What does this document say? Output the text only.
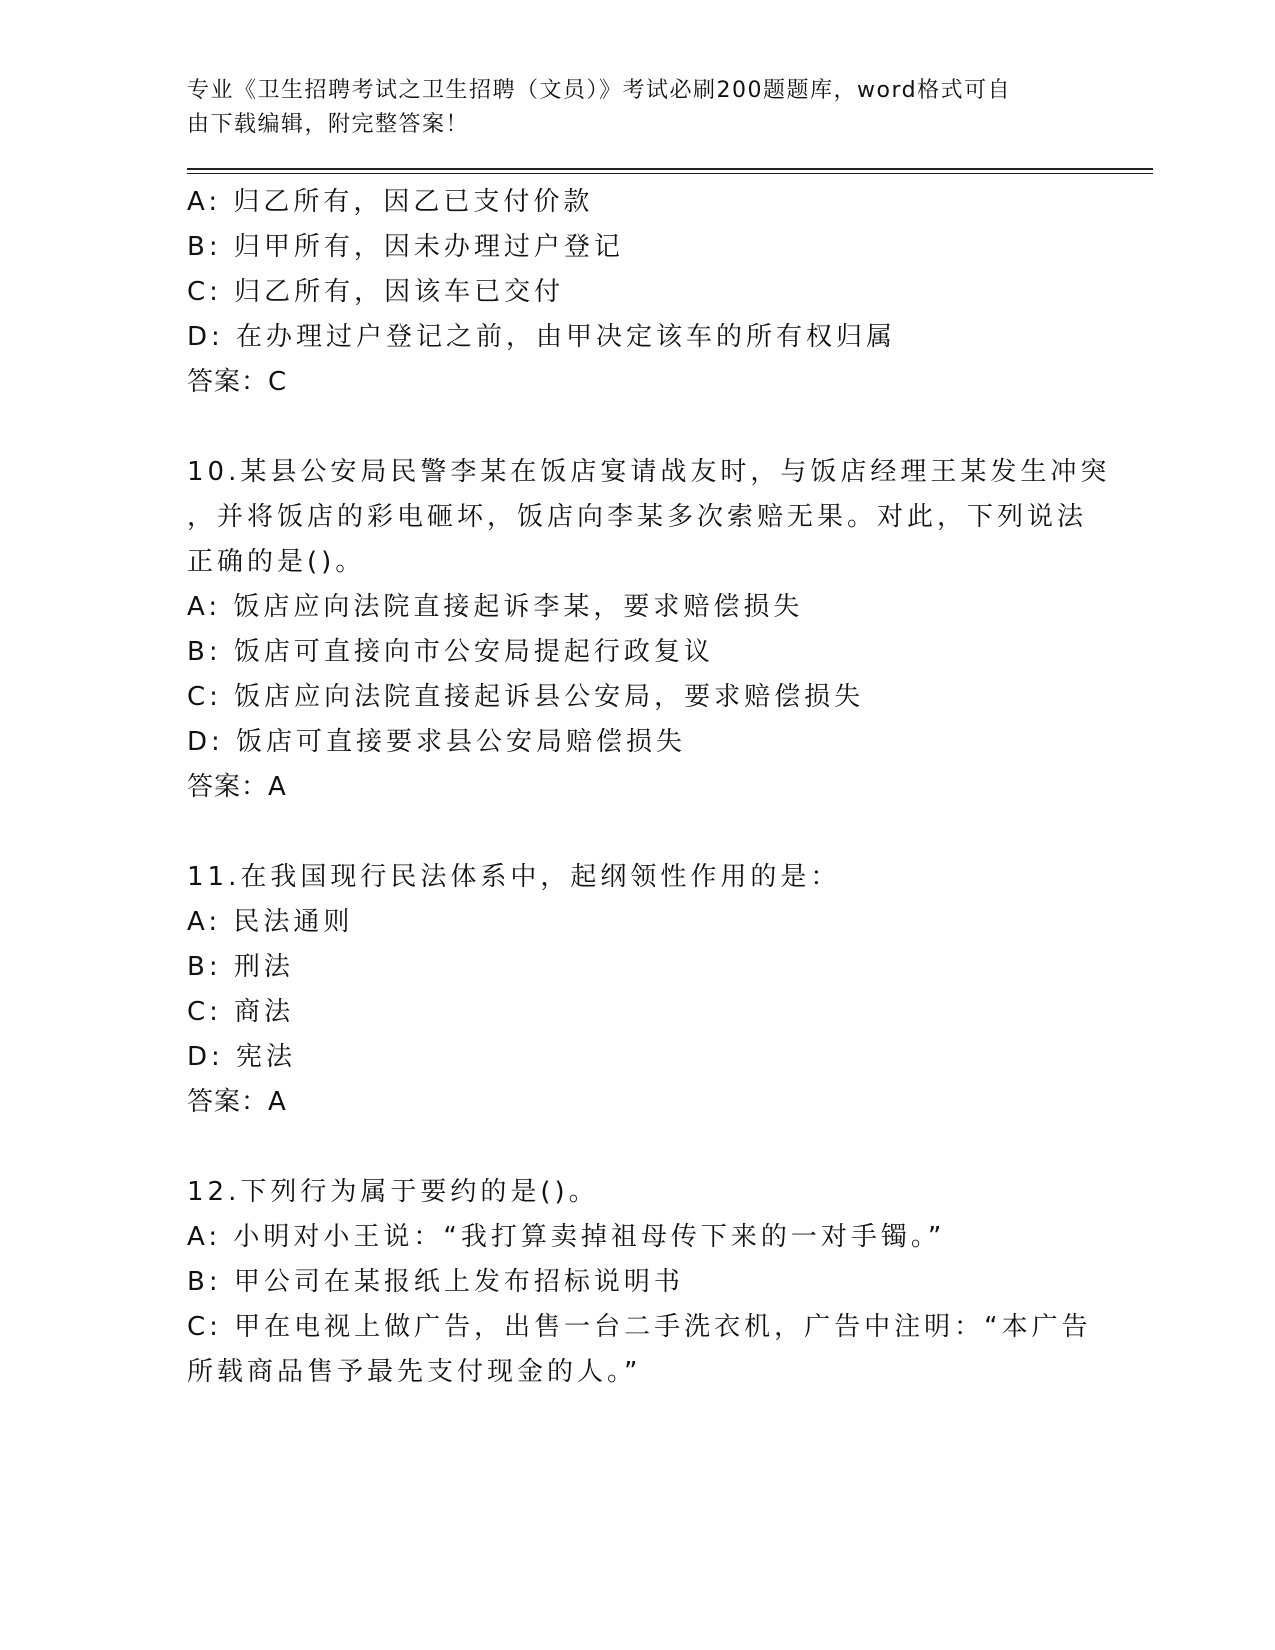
专业《卫生招聘考试之卫生招聘（文员）》考试必刷200题题库，word格式可自
由下载编辑，附完整答案！
A: 归乙所有，因乙已支付价款
B: 归甲所有，因未办理过户登记
C: 归乙所有，因该车已交付
D: 在办理过户登记之前，由甲决定该车的所有权归属
答案：C
10.某县公安局民警李某在饭店宴请战友时，与饭店经理王某发生冲突
，并将饭店的彩电砸坏，饭店向李某多次索赔无果。对此，下列说法
正确的是()。
A: 饭店应向法院直接起诉李某，要求赔偿损失
B: 饭店可直接向市公安局提起行政复议
C: 饭店应向法院直接起诉县公安局，要求赔偿损失
D: 饭店可直接要求县公安局赔偿损失
答案：A
11.在我国现行民法体系中，起纲领性作用的是：
A: 民法通则
B: 刑法
C: 商法
D: 宪法
答案：A
12.下列行为属于要约的是()。
A: 小明对小王说：“我打算卖掉祖母传下来的一对手镯。”
B: 甲公司在某报纸上发布招标说明书
C: 甲在电视上做广告，出售一台二手洗衣机，广告中注明：“本广告
所载商品售予最先支付现金的人。”
